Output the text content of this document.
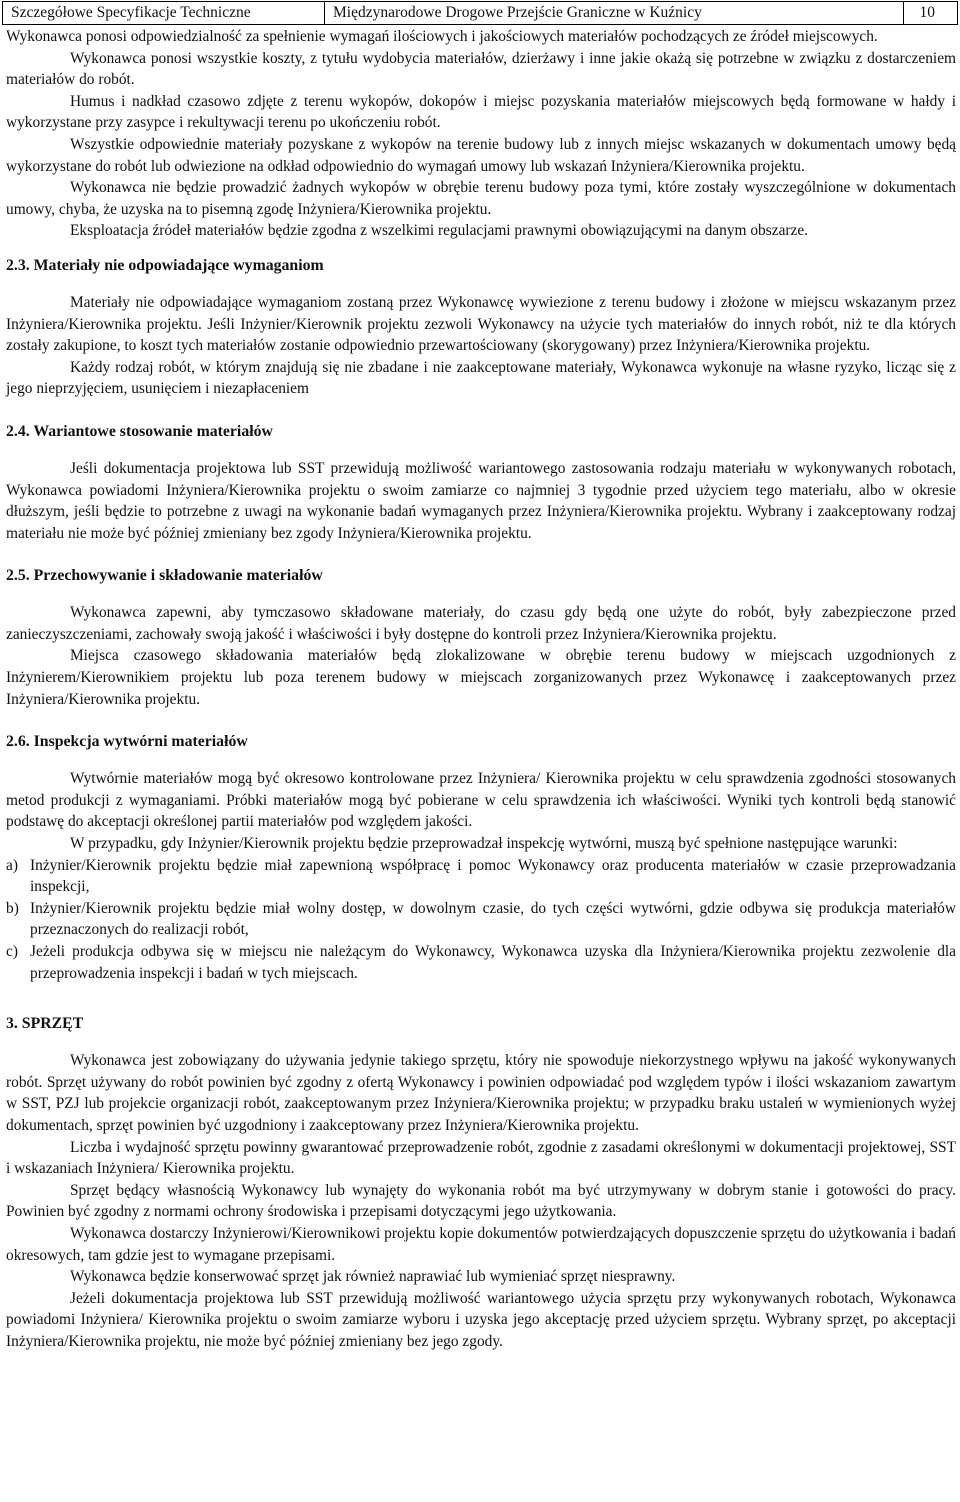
Szczegółowe Specyfikacje Techniczne	Międzynarodowe Drogowe Przejście Graniczne w Kuźnicy	10

Wykonawca ponosi odpowiedzialność za spełnienie wymagań ilościowych i jakościowych materiałów pochodzących ze źródeł miejscowych.

Wykonawca ponosi wszystkie koszty, z tytułu wydobycia materiałów, dzierżawy i inne jakie okażą się potrzebne w związku z dostarczeniem materiałów do robót.

Humus i nadkład czasowo zdjęte z terenu wykopów, dokopów i miejsc pozyskania materiałów miejscowych będą formowane w hałdy i wykorzystane przy zasypce i rekultywacji terenu po ukończeniu robót.

Wszystkie odpowiednie materiały pozyskane z wykopów na terenie budowy lub z innych miejsc wskazanych w dokumentach umowy będą wykorzystane do robót lub odwiezione na odkład odpowiednio do wymagań umowy lub wskazań Inżyniera/Kierownika projektu.

Wykonawca nie będzie prowadzić żadnych wykopów w obrębie terenu budowy poza tymi, które zostały wyszczególnione w dokumentach umowy, chyba, że uzyska na to pisemną zgodę Inżyniera/Kierownika projektu.

Eksploatacja źródeł materiałów będzie zgodna z wszelkimi regulacjami prawnymi obowiązującymi na danym obszarze.

2.3. Materiały nie odpowiadające wymaganiom

Materiały nie odpowiadające wymaganiom zostaną przez Wykonawcę wywiezione z terenu budowy i złożone w miejscu wskazanym przez Inżyniera/Kierownika projektu. Jeśli Inżynier/Kierownik projektu zezwoli Wykonawcy na użycie tych materiałów do innych robót, niż te dla których zostały zakupione, to koszt tych materiałów zostanie odpowiednio przewartościowany (skorygowany) przez Inżyniera/Kierownika projektu.

Każdy rodzaj robót, w którym znajdują się nie zbadane i nie zaakceptowane materiały, Wykonawca wykonuje na własne ryzyko, licząc się z jego nieprzyjęciem, usunięciem i niezapłaceniem

2.4. Wariantowe stosowanie materiałów

Jeśli dokumentacja projektowa lub SST przewidują możliwość wariantowego zastosowania rodzaju materiału w wykonywanych robotach, Wykonawca powiadomi Inżyniera/Kierownika projektu o swoim zamiarze co najmniej 3 tygodnie przed użyciem tego materiału, albo w okresie dłuższym, jeśli będzie to potrzebne z uwagi na wykonanie badań wymaganych przez Inżyniera/Kierownika projektu. Wybrany i zaakceptowany rodzaj materiału nie może być później zmieniany bez zgody Inżyniera/Kierownika projektu.

2.5. Przechowywanie i składowanie materiałów

Wykonawca zapewni, aby tymczasowo składowane materiały, do czasu gdy będą one użyte do robót, były zabezpieczone przed zanieczyszczeniami, zachowały swoją jakość i właściwości i były dostępne do kontroli przez Inżyniera/Kierownika projektu.

Miejsca czasowego składowania materiałów będą zlokalizowane w obrębie terenu budowy w miejscach uzgodnionych z Inżynierem/Kierownikiem projektu lub poza terenem budowy w miejscach zorganizowanych przez Wykonawcę i zaakceptowanych przez Inżyniera/Kierownika projektu.

2.6. Inspekcja wytwórni materiałów

Wytwórnie materiałów mogą być okresowo kontrolowane przez Inżyniera/ Kierownika projektu w celu sprawdzenia zgodności stosowanych metod produkcji z wymaganiami. Próbki materiałów mogą być pobierane w celu sprawdzenia ich właściwości. Wyniki tych kontroli będą stanowić podstawę do akceptacji określonej partii materiałów pod względem jakości.

W przypadku, gdy Inżynier/Kierownik projektu będzie przeprowadzał inspekcję wytwórni, muszą być spełnione następujące warunki:

a) Inżynier/Kierownik projektu będzie miał zapewnioną współpracę i pomoc Wykonawcy oraz producenta materiałów w czasie przeprowadzania inspekcji,
b) Inżynier/Kierownik projektu będzie miał wolny dostęp, w dowolnym czasie, do tych części wytwórni, gdzie odbywa się produkcja materiałów przeznaczonych do realizacji robót,
c) Jeżeli produkcja odbywa się w miejscu nie należącym do Wykonawcy, Wykonawca uzyska dla Inżyniera/Kierownika projektu zezwolenie dla przeprowadzenia inspekcji i badań w tych miejscach.
3. SPRZĘT

Wykonawca jest zobowiązany do używania jedynie takiego sprzętu, który nie spowoduje niekorzystnego wpływu na jakość wykonywanych robót. Sprzęt używany do robót powinien być zgodny z ofertą Wykonawcy i powinien odpowiadać pod względem typów i ilości wskazaniom zawartym w SST, PZJ lub projekcie organizacji robót, zaakceptowanym przez Inżyniera/Kierownika projektu; w przypadku braku ustaleń w wymienionych wyżej dokumentach, sprzęt powinien być uzgodniony i zaakceptowany przez Inżyniera/Kierownika projektu.

Liczba i wydajność sprzętu powinny gwarantować przeprowadzenie robót, zgodnie z zasadami określonymi w dokumentacji projektowej, SST i wskazaniach Inżyniera/ Kierownika projektu.

Sprzęt będący własnością Wykonawcy lub wynajęty do wykonania robót ma być utrzymywany w dobrym stanie i gotowości do pracy. Powinien być zgodny z normami ochrony środowiska i przepisami dotyczącymi jego użytkowania.

Wykonawca dostarczy Inżynierowi/Kierownikowi projektu kopie dokumentów potwierdzających dopuszczenie sprzętu do użytkowania i badań okresowych, tam gdzie jest to wymagane przepisami.

Wykonawca będzie konserwować sprzęt jak również naprawiać lub wymieniać sprzęt niesprawny.

Jeżeli dokumentacja projektowa lub SST przewidują możliwość wariantowego użycia sprzętu przy wykonywanych robotach, Wykonawca powiadomi Inżyniera/ Kierownika projektu o swoim zamiarze wyboru i uzyska jego akceptację przed użyciem sprzętu. Wybrany sprzęt, po akceptacji Inżyniera/Kierownika projektu, nie może być później zmieniany bez jego zgody.
